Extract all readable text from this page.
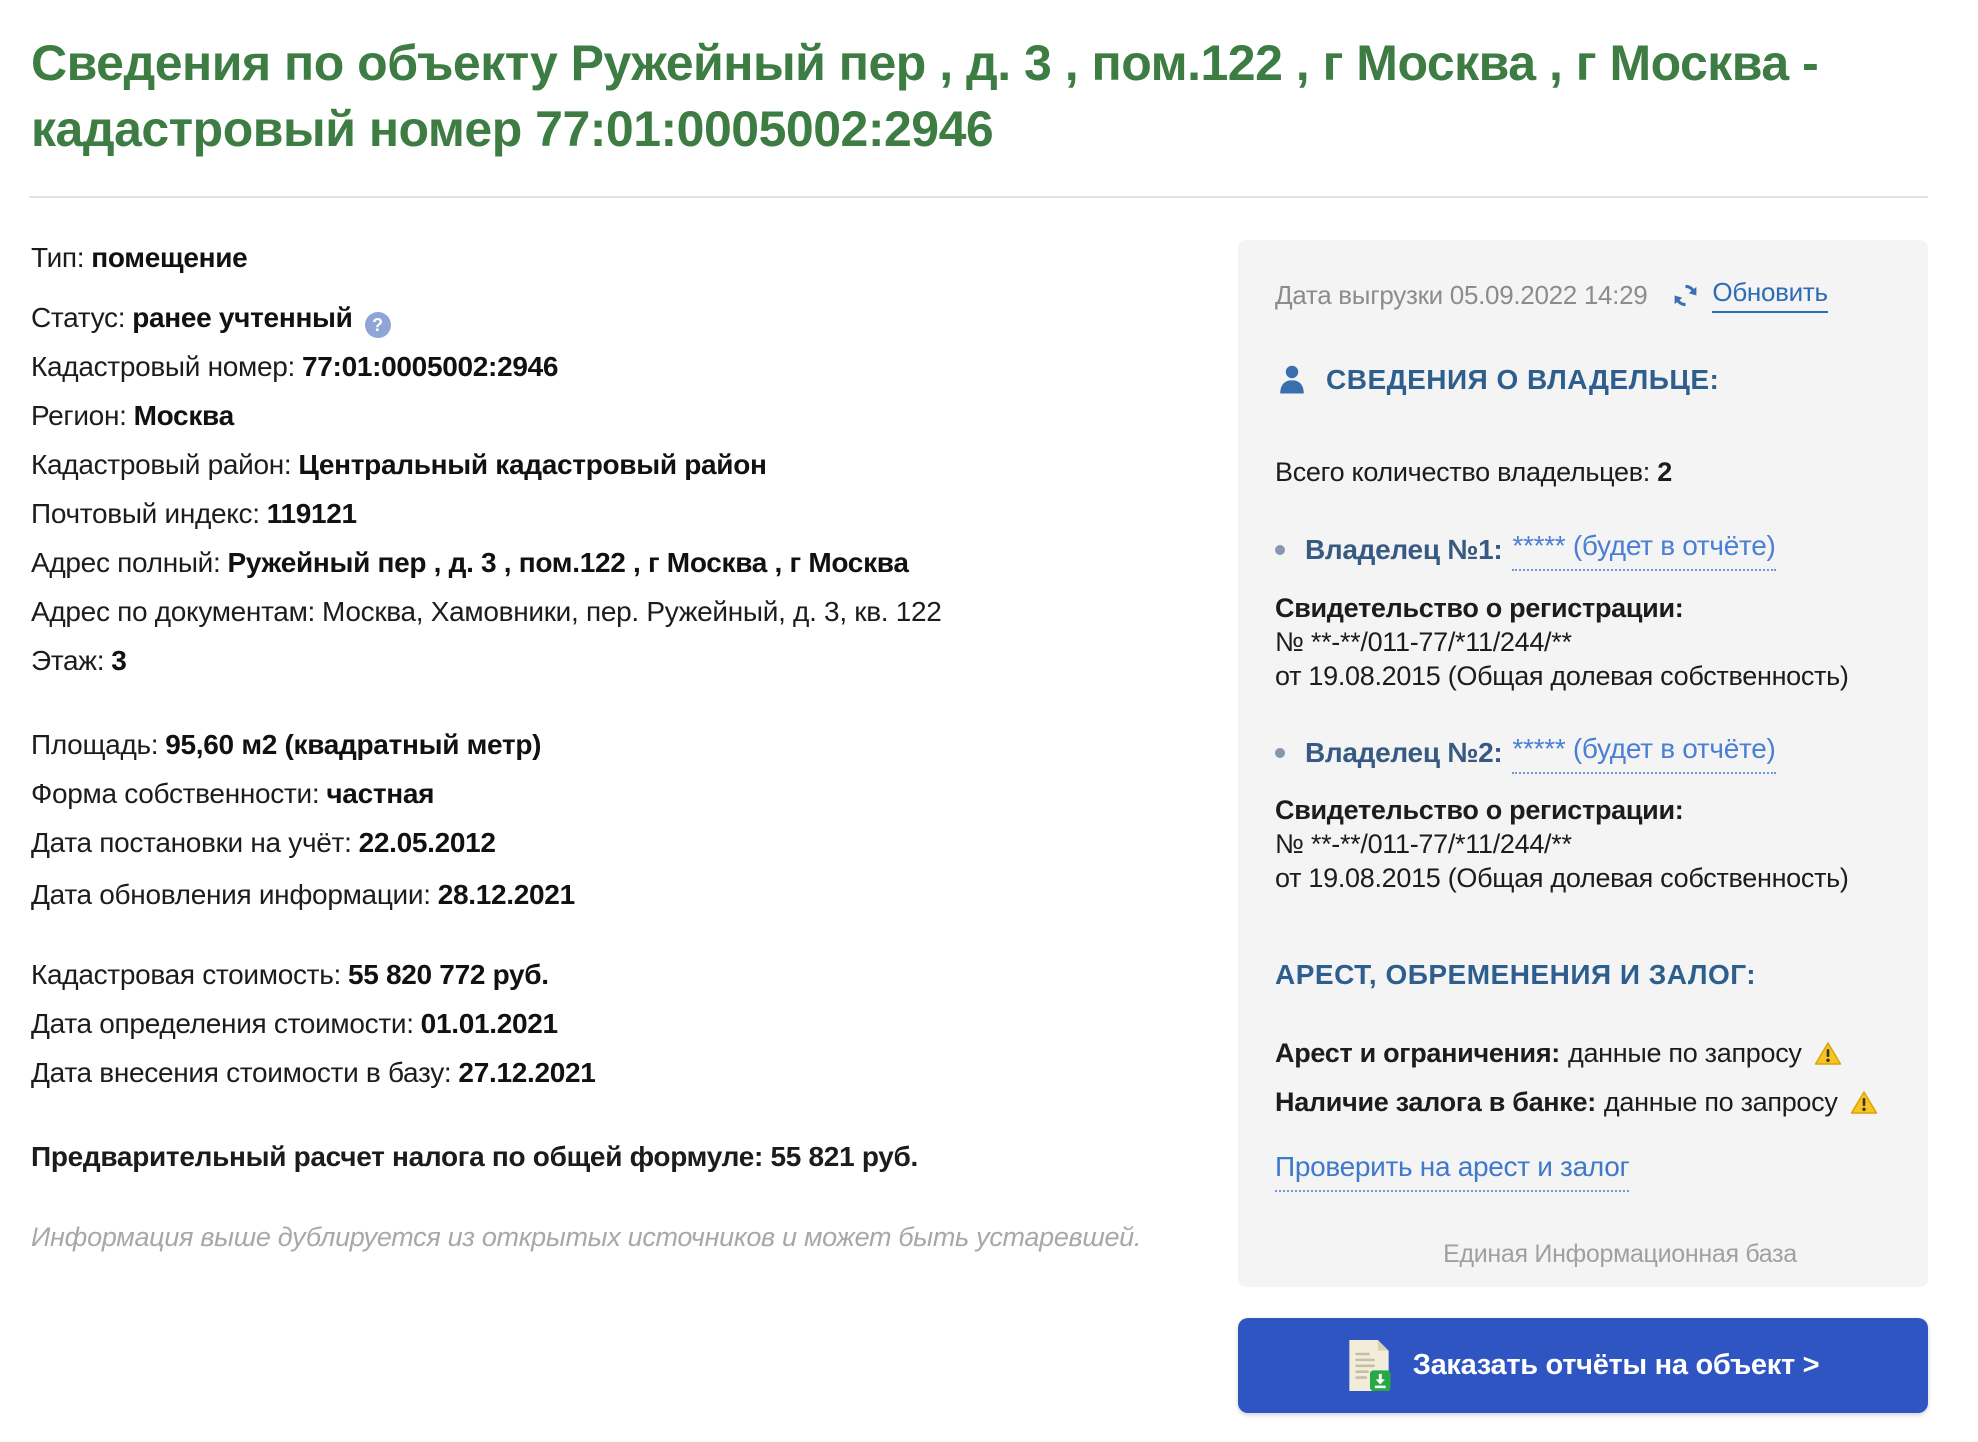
Сведения по объекту Ружейный пер , д. 3 , пом.122 , г Москва , г Москва -
кадастровый номер 77:01:0005002:2946
Тип: помещение
Статус: ранее учтенный ?
Кадастровый номер: 77:01:0005002:2946
Регион: Москва
Кадастровый район: Центральный кадастровый район
Почтовый индекс: 119121
Адрес полный: Ружейный пер , д. 3 , пом.122 , г Москва , г Москва
Адрес по документам: Москва, Хамовники, пер. Ружейный, д. 3, кв. 122
Этаж: 3
Площадь: 95,60 м2 (квадратный метр)
Форма собственности: частная
Дата постановки на учёт: 22.05.2012
Дата обновления информации: 28.12.2021
Кадастровая стоимость: 55 820 772 руб.
Дата определения стоимости: 01.01.2021
Дата внесения стоимости в базу: 27.12.2021
Предварительный расчет налога по общей формуле: 55 821 руб.
Информация выше дублируется из открытых источников и может быть устаревшей.
Дата выгрузки 05.09.2022 14:29	Обновить
СВЕДЕНИЯ О ВЛАДЕЛЬЦЕ:
Всего количество владельцев: 2
Владелец №1: ***** (будет в отчёте)
Свидетельство о регистрации:
№ **-**/011-77/*11/244/**
от 19.08.2015 (Общая долевая собственность)
Владелец №2: ***** (будет в отчёте)
Свидетельство о регистрации:
№ **-**/011-77/*11/244/**
от 19.08.2015 (Общая долевая собственность)
АРЕСТ, ОБРЕМЕНЕНИЯ И ЗАЛОГ:
Арест и ограничения: данные по запросу
Наличие залога в банке: данные по запросу
Проверить на арест и залог
Единая Информационная база
Заказать отчёты на объект >
